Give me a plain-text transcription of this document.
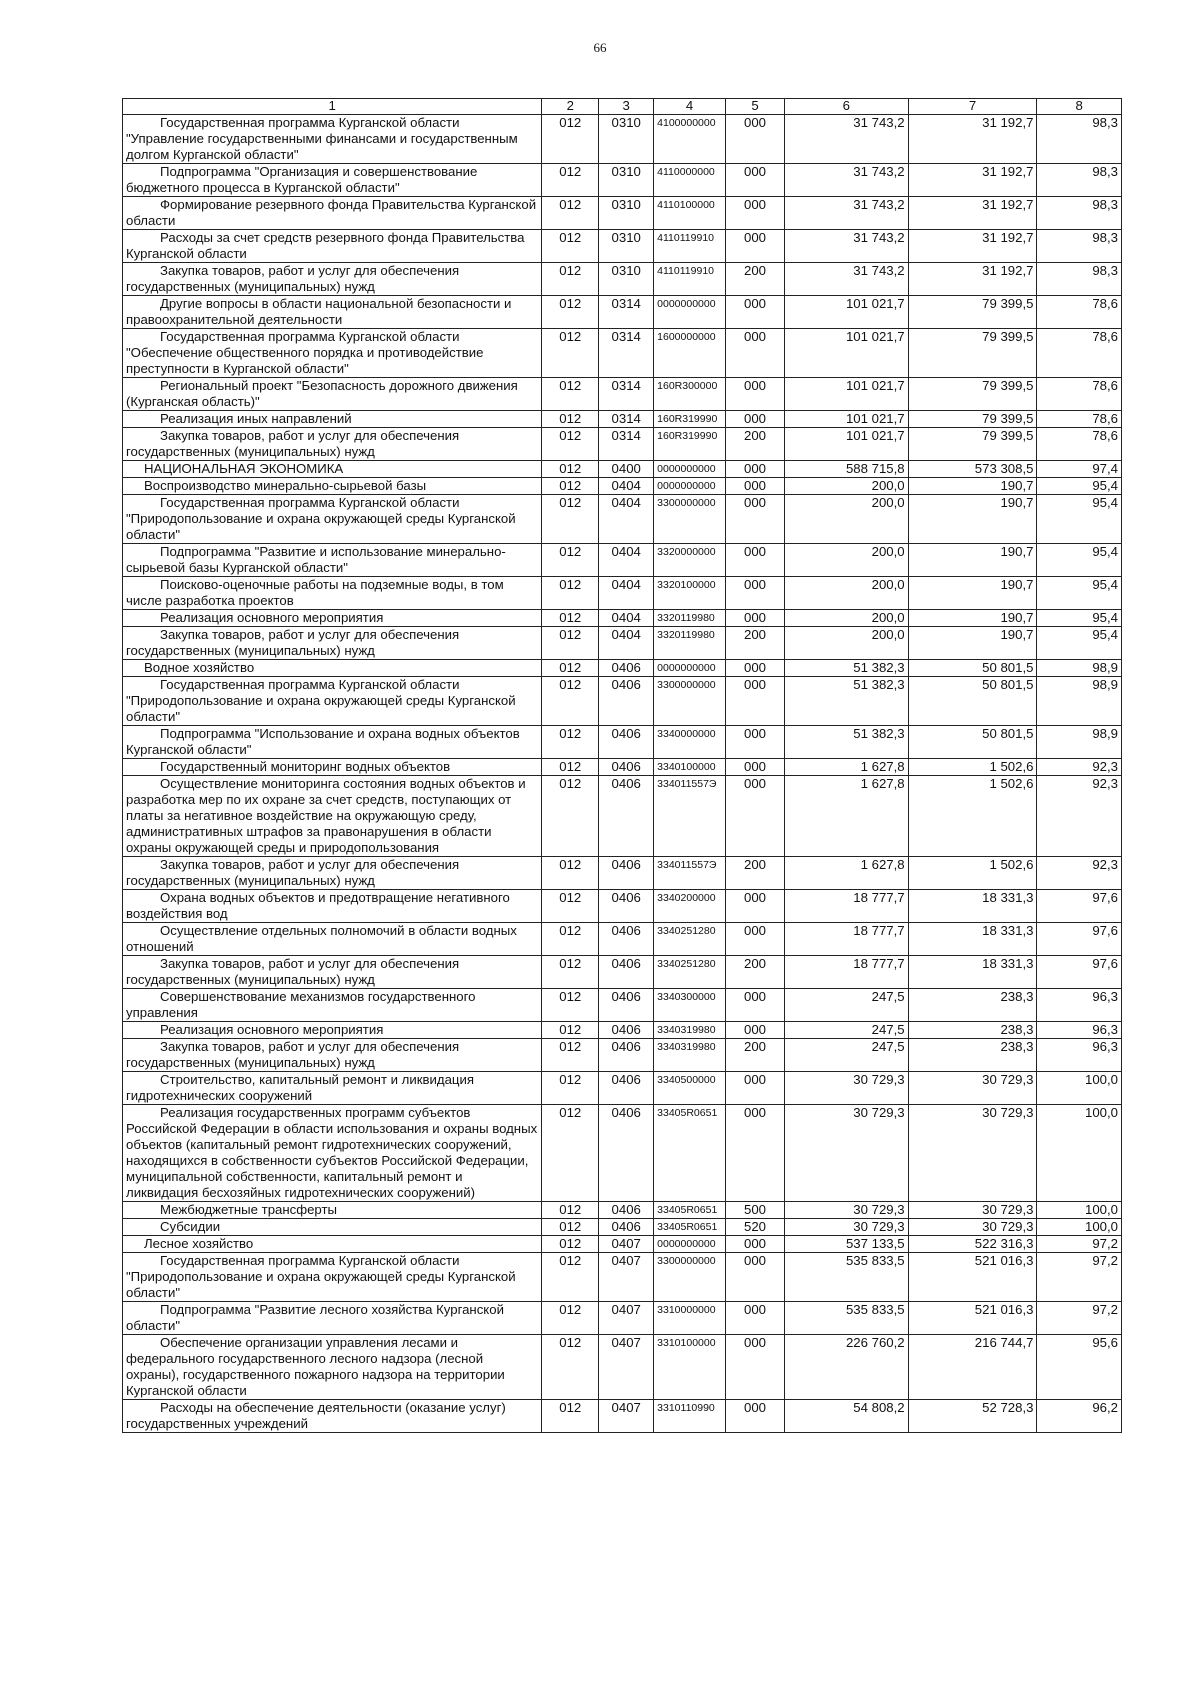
66
1	2	3	4	5	6	7	8
Государственная программа Курганской области "Управление государственными финансами и государственным долгом Курганской области"	012	0310	4100000000	000	31 743,2	31 192,7	98,3
Подпрограмма "Организация и совершенствование бюджетного процесса в Курганской области"	012	0310	4110000000	000	31 743,2	31 192,7	98,3
Формирование резервного фонда Правительства Курганской области	012	0310	4110100000	000	31 743,2	31 192,7	98,3
Расходы за счет средств резервного фонда Правительства Курганской области	012	0310	4110119910	000	31 743,2	31 192,7	98,3
Закупка товаров, работ и услуг для обеспечения государственных (муниципальных) нужд	012	0310	4110119910	200	31 743,2	31 192,7	98,3
Другие вопросы в области национальной безопасности и правоохранительной деятельности	012	0314	0000000000	000	101 021,7	79 399,5	78,6
Государственная программа Курганской области "Обеспечение общественного порядка и противодействие преступности в Курганской области"	012	0314	1600000000	000	101 021,7	79 399,5	78,6
Региональный проект "Безопасность дорожного движения (Курганская область)"	012	0314	160R300000	000	101 021,7	79 399,5	78,6
Реализация иных направлений	012	0314	160R319990	000	101 021,7	79 399,5	78,6
Закупка товаров, работ и услуг для обеспечения государственных (муниципальных) нужд	012	0314	160R319990	200	101 021,7	79 399,5	78,6
НАЦИОНАЛЬНАЯ ЭКОНОМИКА	012	0400	0000000000	000	588 715,8	573 308,5	97,4
Воспроизводство минерально-сырьевой базы	012	0404	0000000000	000	200,0	190,7	95,4
Государственная программа Курганской области "Природопользование и охрана окружающей среды Курганской области"	012	0404	3300000000	000	200,0	190,7	95,4
Подпрограмма "Развитие и использование минерально-сырьевой базы Курганской области"	012	0404	3320000000	000	200,0	190,7	95,4
Поисково-оценочные работы на подземные воды, в том числе разработка проектов	012	0404	3320100000	000	200,0	190,7	95,4
Реализация основного мероприятия	012	0404	3320119980	000	200,0	190,7	95,4
Закупка товаров, работ и услуг для обеспечения государственных (муниципальных) нужд	012	0404	3320119980	200	200,0	190,7	95,4
Водное хозяйство	012	0406	0000000000	000	51 382,3	50 801,5	98,9
Государственная программа Курганской области "Природопользование и охрана окружающей среды Курганской области"	012	0406	3300000000	000	51 382,3	50 801,5	98,9
Подпрограмма "Использование и охрана водных объектов Курганской области"	012	0406	3340000000	000	51 382,3	50 801,5	98,9
Государственный мониторинг водных объектов	012	0406	3340100000	000	1 627,8	1 502,6	92,3
Осуществление мониторинга состояния водных объектов и разработка мер по их охране за счет средств, поступающих от платы за негативное воздействие на окружающую среду, административных штрафов за правонарушения в области охраны окружающей среды и природопользования	012	0406	334011557Э	000	1 627,8	1 502,6	92,3
Закупка товаров, работ и услуг для обеспечения государственных (муниципальных) нужд	012	0406	334011557Э	200	1 627,8	1 502,6	92,3
Охрана водных объектов и предотвращение негативного воздействия вод	012	0406	3340200000	000	18 777,7	18 331,3	97,6
Осуществление отдельных полномочий в области водных отношений	012	0406	3340251280	000	18 777,7	18 331,3	97,6
Закупка товаров, работ и услуг для обеспечения государственных (муниципальных) нужд	012	0406	3340251280	200	18 777,7	18 331,3	97,6
Совершенствование механизмов государственного управления	012	0406	3340300000	000	247,5	238,3	96,3
Реализация основного мероприятия	012	0406	3340319980	000	247,5	238,3	96,3
Закупка товаров, работ и услуг для обеспечения государственных (муниципальных) нужд	012	0406	3340319980	200	247,5	238,3	96,3
Строительство, капитальный ремонт и ликвидация гидротехнических сооружений	012	0406	3340500000	000	30 729,3	30 729,3	100,0
Реализация государственных программ субъектов Российской Федерации в области использования и охраны водных объектов (капитальный ремонт гидротехнических сооружений, находящихся в собственности субъектов Российской Федерации, муниципальной собственности, капитальный ремонт и ликвидация бесхозяйных гидротехнических сооружений)	012	0406	33405R0651	000	30 729,3	30 729,3	100,0
Межбюджетные трансферты	012	0406	33405R0651	500	30 729,3	30 729,3	100,0
Субсидии	012	0406	33405R0651	520	30 729,3	30 729,3	100,0
Лесное хозяйство	012	0407	0000000000	000	537 133,5	522 316,3	97,2
Государственная программа Курганской области "Природопользование и охрана окружающей среды Курганской области"	012	0407	3300000000	000	535 833,5	521 016,3	97,2
Подпрограмма "Развитие лесного хозяйства Курганской области"	012	0407	3310000000	000	535 833,5	521 016,3	97,2
Обеспечение организации управления лесами и федерального государственного лесного надзора (лесной охраны), государственного пожарного надзора на территории Курганской области	012	0407	3310100000	000	226 760,2	216 744,7	95,6
Расходы на обеспечение деятельности (оказание услуг) государственных учреждений	012	0407	3310110990	000	54 808,2	52 728,3	96,2
